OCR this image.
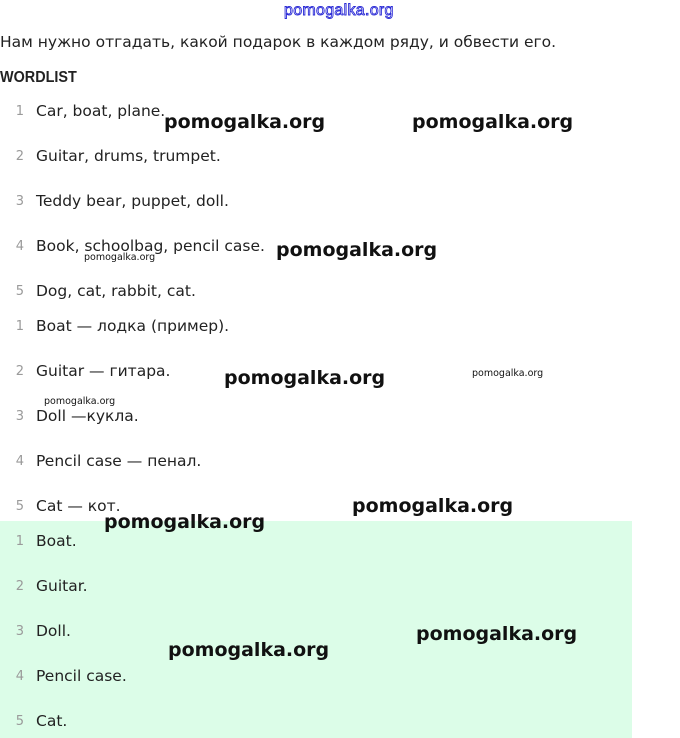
pomogalka.org

Нам нужно отгадать, какой подарок в каждом ряду, и обвести его.

WORDLIST
1 Car, boat, plane.
2 Guitar, drums, trumpet.
3 Teddy bear, puppet, doll.
4 Book, schoolbag, pencil case.
5 Dog, cat, rabbit, cat.
1 Boat — лодка (пример).
2 Guitar — гитара.
3 Doll —кукла.
4 Pencil case — пенал.
5 Cat — кот.
1 Boat.
2 Guitar.
3 Doll.
4 Pencil case.
5 Cat.
pomogalka.org	pomogalka.org
pomogalka.org
pomogalka.org
pomogalka.org	pomogalka.org
pomogalka.org
pomogalka.org
pomogalka.org
pomogalka.org
pomogalka.org
